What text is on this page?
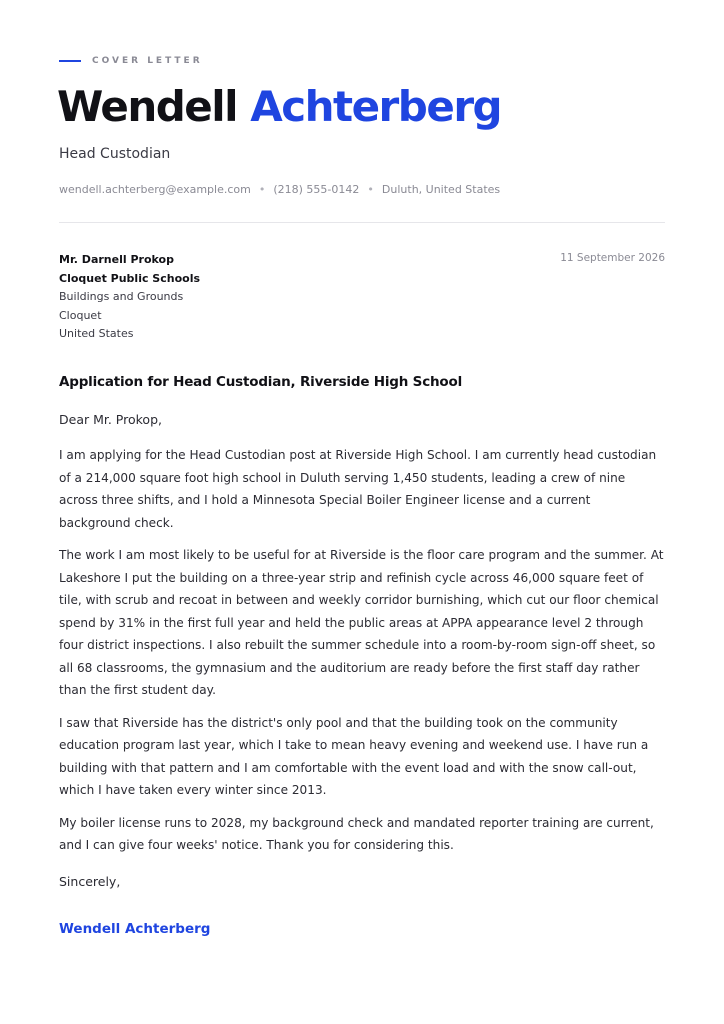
COVER LETTER
Wendell Achterberg
Head Custodian
wendell.achterberg@example.com • (218) 555-0142 • Duluth, United States
Mr. Darnell Prokop
Cloquet Public Schools
Buildings and Grounds
Cloquet
United States
11 September 2026
Application for Head Custodian, Riverside High School
Dear Mr. Prokop,

I am applying for the Head Custodian post at Riverside High School. I am currently head custodian of a 214,000 square foot high school in Duluth serving 1,450 students, leading a crew of nine across three shifts, and I hold a Minnesota Special Boiler Engineer license and a current background check.

The work I am most likely to be useful for at Riverside is the floor care program and the summer. At Lakeshore I put the building on a three-year strip and refinish cycle across 46,000 square feet of tile, with scrub and recoat in between and weekly corridor burnishing, which cut our floor chemical spend by 31% in the first full year and held the public areas at APPA appearance level 2 through four district inspections. I also rebuilt the summer schedule into a room-by-room sign-off sheet, so all 68 classrooms, the gymnasium and the auditorium are ready before the first staff day rather than the first student day.

I saw that Riverside has the district's only pool and that the building took on the community education program last year, which I take to mean heavy evening and weekend use. I have run a building with that pattern and I am comfortable with the event load and with the snow call-out, which I have taken every winter since 2013.

My boiler license runs to 2028, my background check and mandated reporter training are current, and I can give four weeks' notice. Thank you for considering this.

Sincerely,
Wendell Achterberg
